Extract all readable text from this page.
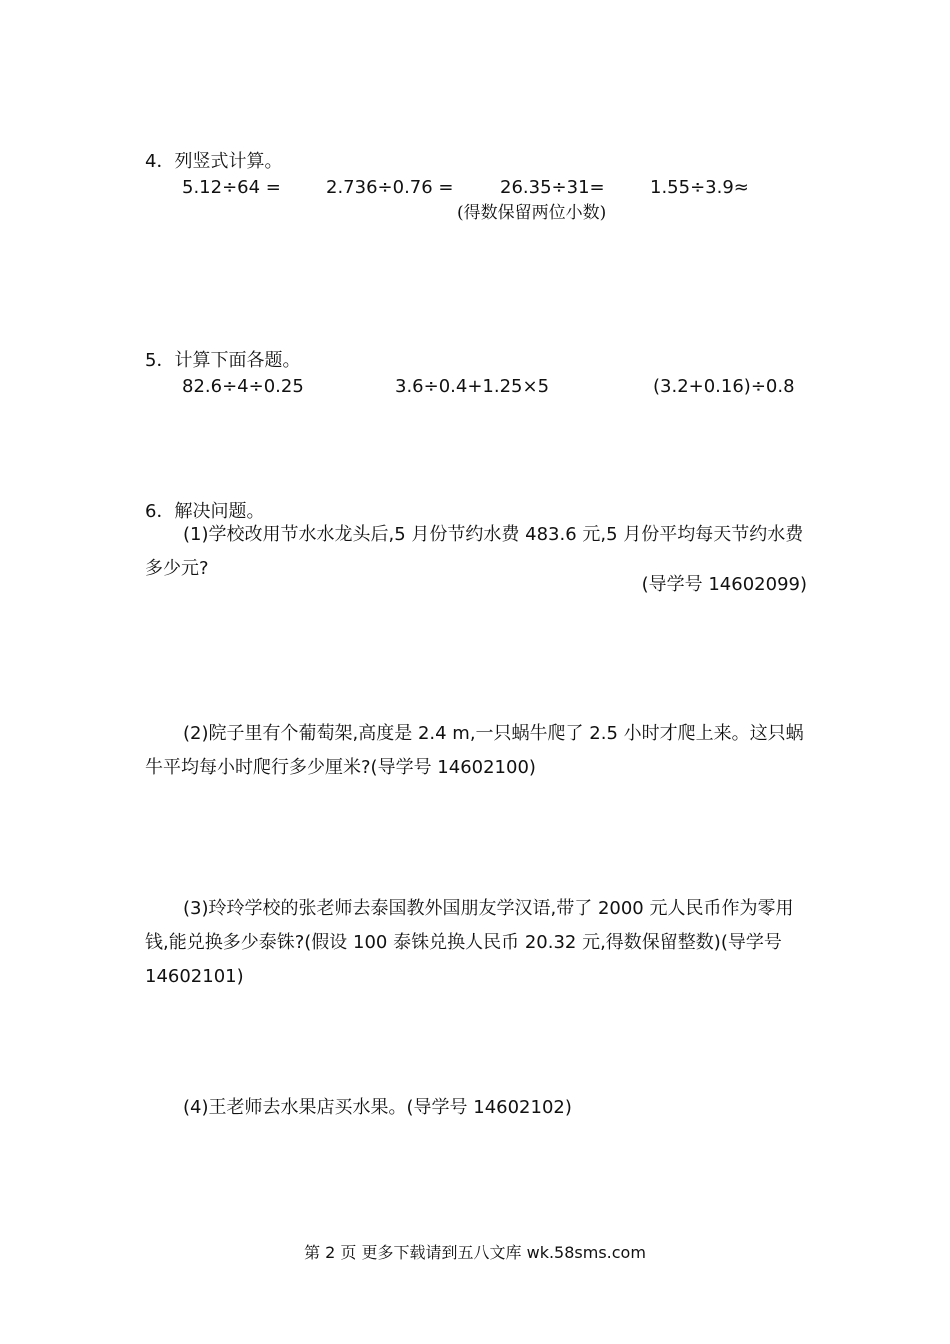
4．列竖式计算。
5.12÷64 =	2.736÷0.76 =	26.35÷31=	1.55÷3.9≈
(得数保留两位小数)
5．计算下面各题。
82.6÷4÷0.25	3.6÷0.4+1.25×5	(3.2+0.16)÷0.8
6．解决问题。
(1)学校改用节水水龙头后,5 月份节约水费 483.6 元,5 月份平均每天节约水费多少元?
(导学号 14602099)
(2)院子里有个葡萄架,高度是 2.4 m,一只蜗牛爬了 2.5 小时才爬上来。这只蜗牛平均每小时爬行多少厘米?(导学号 14602100)
(3)玲玲学校的张老师去泰国教外国朋友学汉语,带了 2000 元人民币作为零用钱,能兑换多少泰铢?(假设 100 泰铢兑换人民币 20.32 元,得数保留整数)(导学号 14602101)
(4)王老师去水果店买水果。(导学号 14602102)
第 2 页 更多下载请到五八文库 wk.58sms.com
